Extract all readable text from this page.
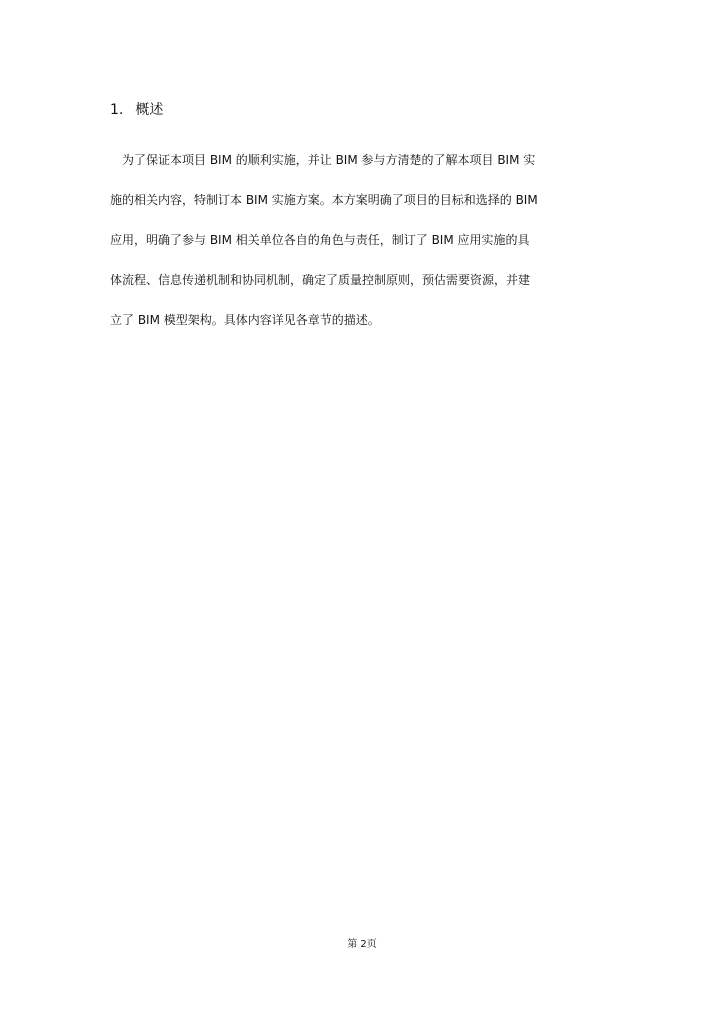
1. 概述
为了保证本项目 BIM 的顺利实施，并让 BIM 参与方清楚的了解本项目 BIM 实
施的相关内容，特制订本 BIM 实施方案。本方案明确了项目的目标和选择的 BIM
应用，明确了参与 BIM 相关单位各自的角色与责任，制订了 BIM 应用实施的具
体流程、信息传递机制和协同机制，确定了质量控制原则，预估需要资源，并建
立了 BIM 模型架构。具体内容详见各章节的描述。
第 2页
